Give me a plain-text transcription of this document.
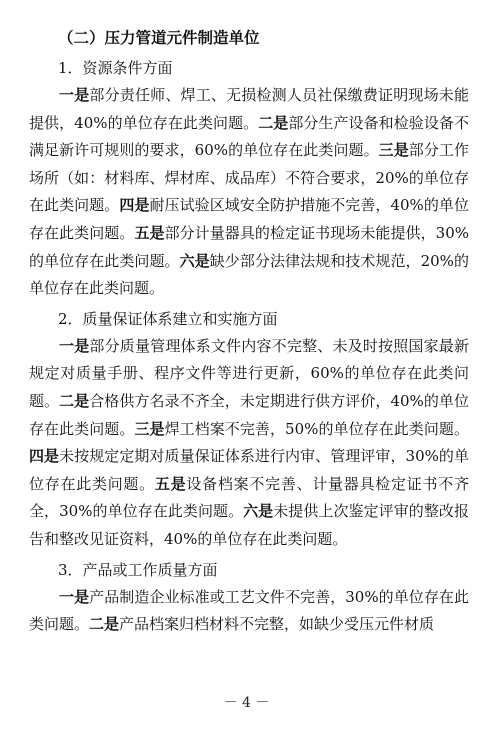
（二）压力管道元件制造单位
1．资源条件方面

一是部分责任师、焊工、无损检测人员社保缴费证明现场未能提供，40%的单位存在此类问题。二是部分生产设备和检验设备不满足新许可规则的要求，60%的单位存在此类问题。三是部分工作场所（如：材料库、焊材库、成品库）不符合要求，20%的单位存在此类问题。四是耐压试验区域安全防护措施不完善，40%的单位存在此类问题。五是部分计量器具的检定证书现场未能提供，30%的单位存在此类问题。六是缺少部分法律法规和技术规范，20%的单位存在此类问题。

2．质量保证体系建立和实施方面

一是部分质量管理体系文件内容不完整、未及时按照国家最新规定对质量手册、程序文件等进行更新，60%的单位存在此类问题。二是合格供方名录不齐全，未定期进行供方评价，40%的单位存在此类问题。三是焊工档案不完善，50%的单位存在此类问题。四是未按规定定期对质量保证体系进行内审、管理评审，30%的单位存在此类问题。五是设备档案不完善、计量器具检定证书不齐全，30%的单位存在此类问题。六是未提供上次鉴定评审的整改报告和整改见证资料，40%的单位存在此类问题。

3．产品或工作质量方面

一是产品制造企业标准或工艺文件不完善，30%的单位存在此类问题。二是产品档案归档材料不完整，如缺少受压元件材质

－ 4 －
